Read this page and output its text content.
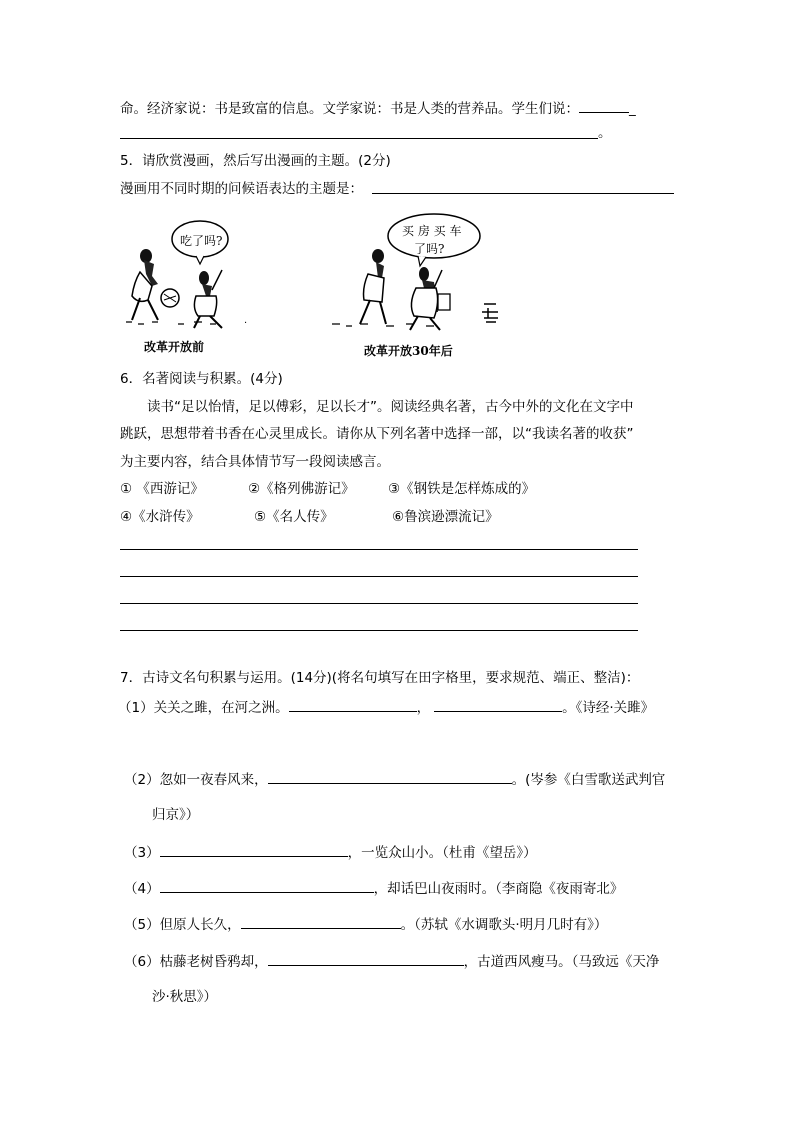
命。经济家说：书是致富的信息。文学家说：书是人类的营养品。学生们说：	_
。
5．请欣赏漫画，然后写出漫画的主题。(2分)
漫画用不同时期的问候语表达的主题是：
·
吃了吗?
改革开放前
买 房 买 车
了吗?
改革开放30年后
6．名著阅读与积累。(4分)
读书“足以怡情，足以傅彩，足以长才”。阅读经典名著，古今中外的文化在文字中
跳跃，思想带着书香在心灵里成长。请你从下列名著中选择一部，以“我读名著的收获”
为主要内容，结合具体情节写一段阅读感言。
① 《西游记》	②《格列佛游记》 ③《钢铁是怎样炼成的》
④《水浒传》	⑤《名人传》	⑥鲁滨逊漂流记》
7．古诗文名句积累与运用。(14分)(将名句填写在田字格里，要求规范、端正、整洁)：
（1）关关之雎，在河之洲。	，	。《诗经·关雎》
（2）忽如一夜春风来，	。(岑参《白雪歌送武判官
归京》）
（3）	，一览众山小。（杜甫《望岳》）
（4）	，却话巴山夜雨时。（李商隐《夜雨寄北》
（5）但原人长久，	。（苏轼《水调歌头·明月几时有》）
（6）枯藤老树昏鸦却，	，古道西风瘦马。（马致远《天净
沙·秋思》）
